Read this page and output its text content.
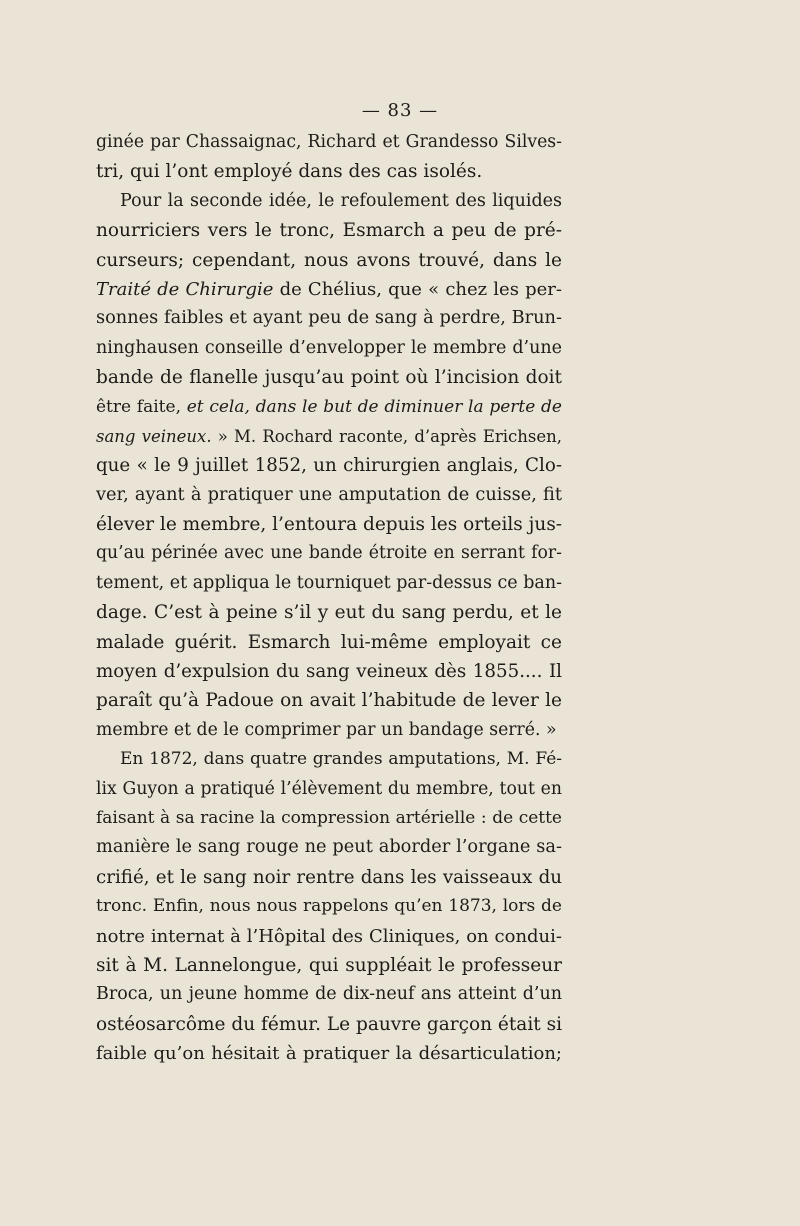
— 83 —
ginée par Chassaignac, Richard et Grandesso Silves-
tri, qui l’ont employé dans des cas isolés.
Pour la seconde idée, le refoulement des liquides
nourriciers vers le tronc, Esmarch a peu de pré-
curseurs; cependant, nous avons trouvé, dans le
Traité de Chirurgie de Chélius, que « chez les per-
sonnes faibles et ayant peu de sang à perdre, Brun-
ninghausen conseille d’envelopper le membre d’une
bande de flanelle jusqu’au point où l’incision doit
être faite, et cela, dans le but de diminuer la perte de
sang veineux. » M. Rochard raconte, d’après Erichsen,
que « le 9 juillet 1852, un chirurgien anglais, Clo-
ver, ayant à pratiquer une amputation de cuisse, fit
élever le membre, l’entoura depuis les orteils jus-
qu’au périnée avec une bande étroite en serrant for-
tement, et appliqua le tourniquet par-dessus ce ban-
dage. C’est à peine s’il y eut du sang perdu, et le
malade guérit. Esmarch lui-même employait ce
moyen d’expulsion du sang veineux dès 1855.... Il
paraît qu’à Padoue on avait l’habitude de lever le
membre et de le comprimer par un bandage serré. »
En 1872, dans quatre grandes amputations, M. Fé-
lix Guyon a pratiqué l’élèvement du membre, tout en
faisant à sa racine la compression artérielle : de cette
manière le sang rouge ne peut aborder l’organe sa-
crifié, et le sang noir rentre dans les vaisseaux du
tronc. Enfin, nous nous rappelons qu’en 1873, lors de
notre internat à l’Hôpital des Cliniques, on condui-
sit à M. Lannelongue, qui suppléait le professeur
Broca, un jeune homme de dix-neuf ans atteint d’un
ostéosarcôme du fémur. Le pauvre garçon était si
faible qu’on hésitait à pratiquer la désarticulation;
